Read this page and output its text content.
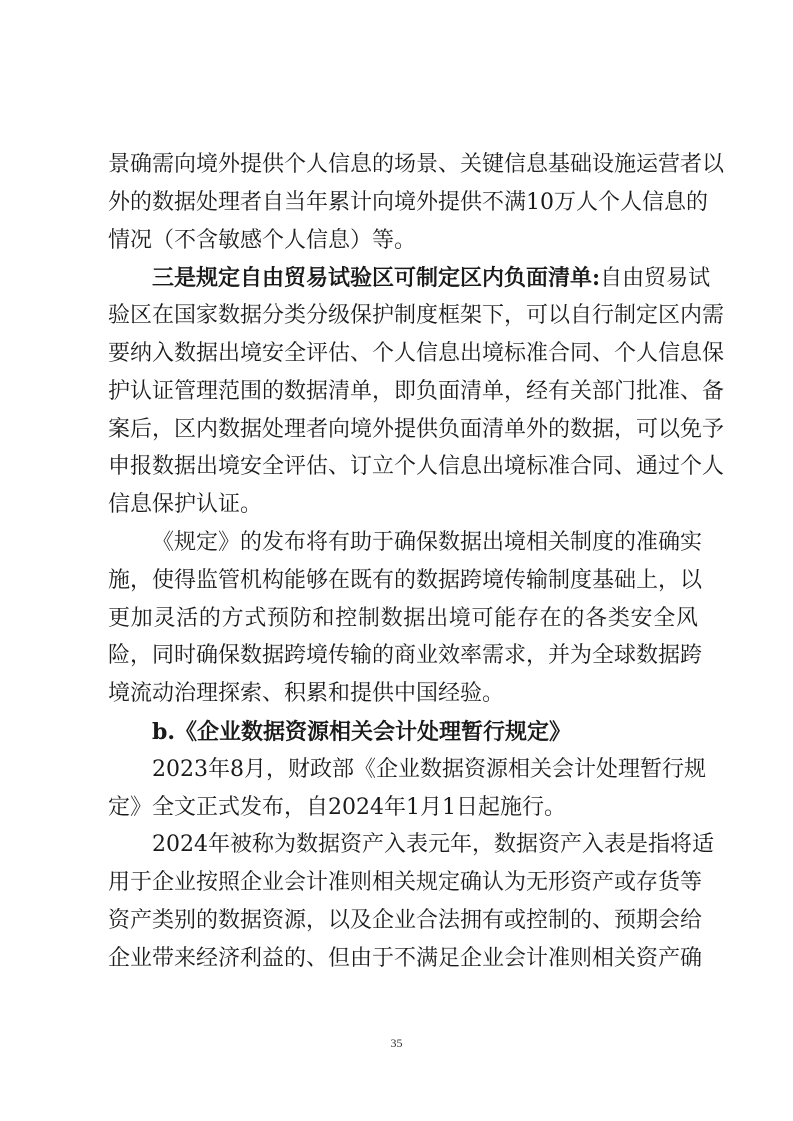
景确需向境外提供个人信息的场景、关键信息基础设施运营者以
外的数据处理者自当年累计向境外提供不满10万人个人信息的
情况（不含敏感个人信息）等。
三是规定自由贸易试验区可制定区内负面清单:自由贸易试
验区在国家数据分类分级保护制度框架下，可以自行制定区内需
要纳入数据出境安全评估、个人信息出境标准合同、个人信息保
护认证管理范围的数据清单，即负面清单，经有关部门批准、备
案后，区内数据处理者向境外提供负面清单外的数据，可以免予
申报数据出境安全评估、订立个人信息出境标准合同、通过个人
信息保护认证。
《规定》的发布将有助于确保数据出境相关制度的准确实
施，使得监管机构能够在既有的数据跨境传输制度基础上，以
更加灵活的方式预防和控制数据出境可能存在的各类安全风
险，同时确保数据跨境传输的商业效率需求，并为全球数据跨
境流动治理探索、积累和提供中国经验。
b.《企业数据资源相关会计处理暂行规定》
2023年8月，财政部《企业数据资源相关会计处理暂行规
定》全文正式发布，自2024年1月1日起施行。
2024年被称为数据资产入表元年，数据资产入表是指将适
用于企业按照企业会计准则相关规定确认为无形资产或存货等
资产类别的数据资源，以及企业合法拥有或控制的、预期会给
企业带来经济利益的、但由于不满足企业会计准则相关资产确
35
